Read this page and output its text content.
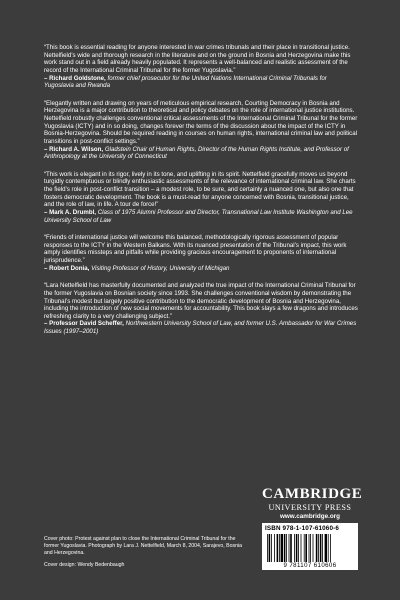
“This book is essential reading for anyone interested in war crimes tribunals and their place in transitional justice. Nettelfield’s wide and thorough research in the literature and on the ground in Bosnia and Herzegovina make this work stand out in a field already heavily populated. It represents a well-balanced and realistic assessment of the record of the International Criminal Tribunal for the former Yugoslavia.”

– Richard Goldstone, former chief prosecutor for the United Nations International Criminal Tribunals for Yugoslavia and Rwanda

“Elegantly written and drawing on years of meticulous empirical research, Courting Democracy in Bosnia and Herzegovina is a major contribution to theoretical and policy debates on the role of international justice institutions. Nettelfield robustly challenges conventional critical assessments of the International Criminal Tribunal for the former Yugoslavia (ICTY) and in so doing, changes forever the terms of the discussion about the impact of the ICTY in Bosnia-Herzegovina. Should be required reading in courses on human rights, international criminal law and political transitions in post-conflict settings.”

– Richard A. Wilson, Gladstein Chair of Human Rights, Director of the Human Rights Institute, and Professor of Anthropology at the University of Connecticut

“This work is elegant in its rigor, lively in its tone, and uplifting in its spirit. Nettelfield gracefully moves us beyond turgidly contemptuous or blindly enthusiastic assessments of the relevance of international criminal law. She charts the field’s role in post-conflict transition – a modest role, to be sure, and certainly a nuanced one, but also one that fosters democratic development. The book is a must-read for anyone concerned with Bosnia, transitional justice, and the role of law, in life. A tour de force!”

– Mark A. Drumbl, Class of 1975 Alumni Professor and Director, Transnational Law Institute Washington and Lee University School of Law

“Friends of international justice will welcome this balanced, methodologically rigorous assessment of popular responses to the ICTY in the Western Balkans. With its nuanced presentation of the Tribunal’s impact, this work amply identifies missteps and pitfalls while providing gracious encouragement to proponents of international jurisprudence.”

– Robert Donia, Visiting Professor of History, University of Michigan

“Lara Nettelfield has masterfully documented and analyzed the true impact of the International Criminal Tribunal for the former Yugoslavia on Bosnian society since 1993. She challenges conventional wisdom by demonstrating the Tribunal’s modest but largely positive contribution to the democratic development of Bosnia and Herzegovina, including the introduction of new social movements for accountability. This book slays a few dragons and introduces refreshing clarity to a very challenging subject.”

– Professor David Scheffer, Northwestern University School of Law, and former U.S. Ambassador for War Crimes Issues (1997–2001)

CAMBRIDGE
UNIVERSITY PRESS
www.cambridge.org
ISBN 978-1-107-61060-6
9 781107 610606
Cover photo: Protest against plan to close the International Criminal Tribunal for the former Yugoslavia. Photograph by Lara J. Nettelfield, March 8, 2004, Sarajevo, Bosnia and Herzegovina.
Cover design: Wendy Bedenbaugh
